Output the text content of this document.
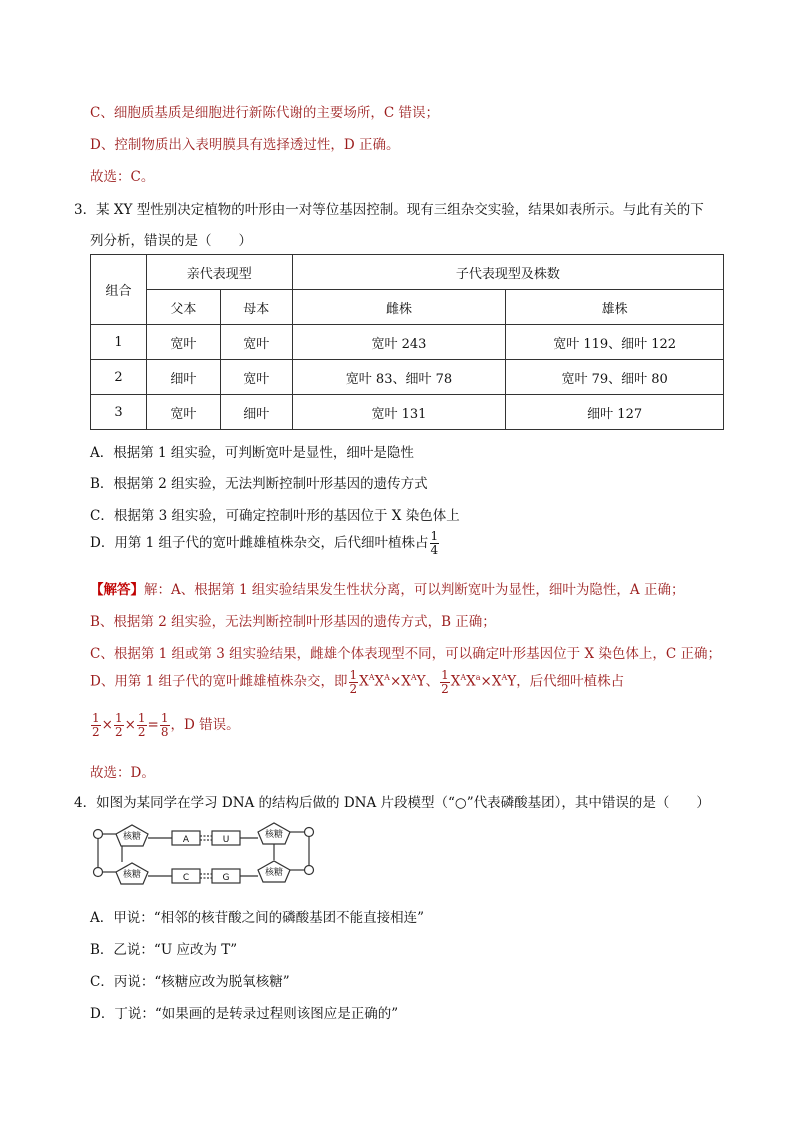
C、细胞质基质是细胞进行新陈代谢的主要场所，C 错误；
D、控制物质出入表明膜具有选择透过性，D 正确。
故选：C。
3．某 XY 型性别决定植物的叶形由一对等位基因控制。现有三组杂交实验，结果如表所示。与此有关的下
列分析，错误的是（　　）
组合	亲代表现型		子代表现型及株数	
	父本	母本	雌株	雄株
1	宽叶	宽叶	宽叶 243	宽叶 119、细叶 122
2	细叶	宽叶	宽叶 83、细叶 78	宽叶 79、细叶 80
3	宽叶	细叶	宽叶 131	细叶 127
A．根据第 1 组实验，可判断宽叶是显性，细叶是隐性
B．根据第 2 组实验，无法判断控制叶形基因的遗传方式
C．根据第 3 组实验，可确定控制叶形的基因位于 X 染色体上
D．用第 1 组子代的宽叶雌雄植株杂交，后代细叶植株占 $\frac{1}{4}$
【解答】解：A、根据第 1 组实验结果发生性状分离，可以判断宽叶为显性，细叶为隐性，A 正确；
B、根据第 2 组实验，无法判断控制叶形基因的遗传方式，B 正确；
C、根据第 1 组或第 3 组实验结果，雌雄个体表现型不同，可以确定叶形基因位于 X 染色体上，C 正确；
D、用第 1 组子代的宽叶雌雄植株杂交，即 $\frac{1}{2} X^AX^A\times X^AY$、 $\frac{1}{2} X^AX^a\times X^AY$，后代细叶植株占
$\frac{1}{2} \times \frac{1}{2} \times \frac{1}{2} = \frac{1}{8}$ ，D 错误。
故选：D。
4．如图为某同学在学习 DNA 的结构后做的 DNA 片段模型（“○”代表磷酸基团），其中错误的是（　　）
核糖
核糖
核糖
核糖
A	U
C	G
A．甲说：“相邻的核苷酸之间的磷酸基团不能直接相连”
B．乙说：“U 应改为 T”
C．丙说：“核糖应改为脱氧核糖”
D．丁说：“如果画的是转录过程则该图应是正确的”
